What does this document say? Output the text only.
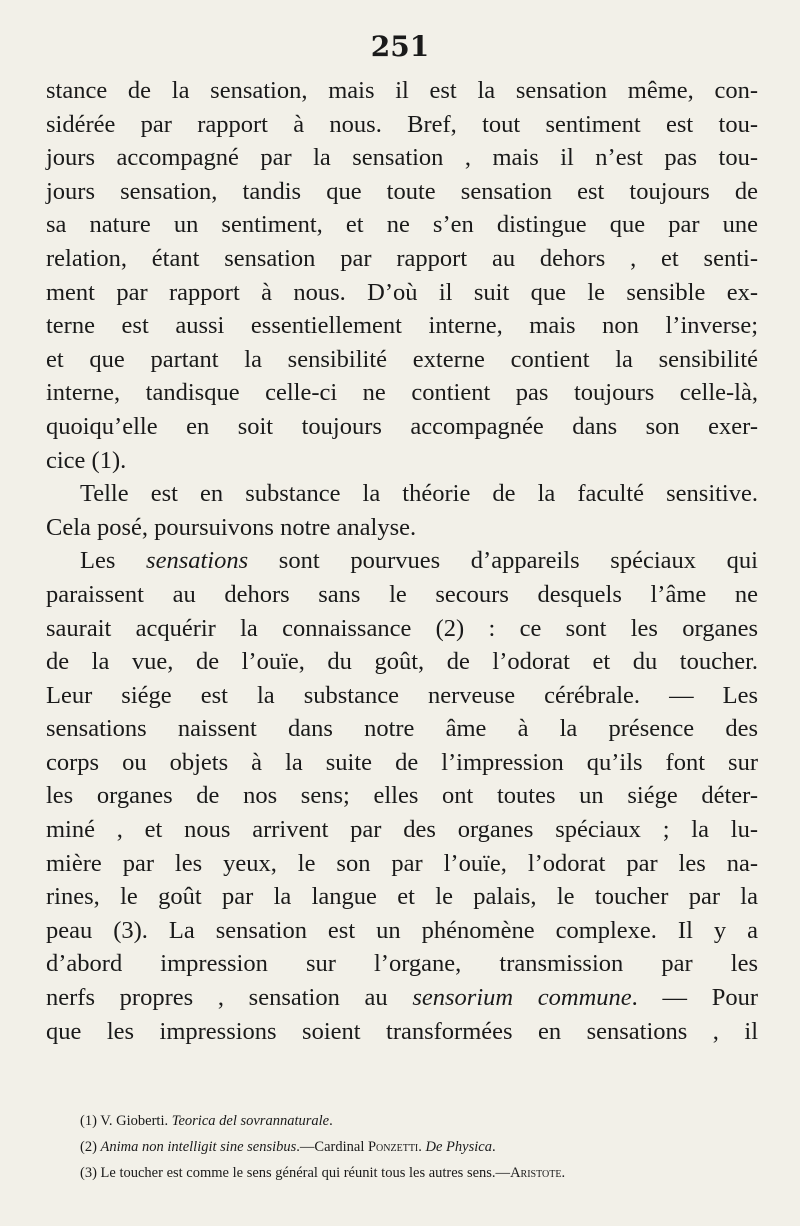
251
stance de la sensation, mais il est la sensation même, con-
sidérée par rapport à nous. Bref, tout sentiment est tou-
jours accompagné par la sensation , mais il n’est pas tou-
jours sensation, tandis que toute sensation est toujours de
sa nature un sentiment, et ne s’en distingue que par une
relation, étant sensation par rapport au dehors , et senti-
ment par rapport à nous. D’où il suit que le sensible ex-
terne est aussi essentiellement interne, mais non l’inverse;
et que partant la sensibilité externe contient la sensibilité
interne, tandisque celle-ci ne contient pas toujours celle-là,
quoiqu’elle en soit toujours accompagnée dans son exer-
cice (1).
Telle est en substance la théorie de la faculté sensitive.
Cela posé, poursuivons notre analyse.
Les sensations sont pourvues d’appareils spéciaux qui
paraissent au dehors sans le secours desquels l’âme ne
saurait acquérir la connaissance (2) : ce sont les organes
de la vue, de l’ouïe, du goût, de l’odorat et du toucher.
Leur siége est la substance nerveuse cérébrale. — Les
sensations naissent dans notre âme à la présence des
corps ou objets à la suite de l’impression qu’ils font sur
les organes de nos sens; elles ont toutes un siége déter-
miné , et nous arrivent par des organes spéciaux ; la lu-
mière par les yeux, le son par l’ouïe, l’odorat par les na-
rines, le goût par la langue et le palais, le toucher par la
peau (3). La sensation est un phénomène complexe. Il y a
d’abord impression sur l’organe, transmission par les
nerfs propres , sensation au sensorium commune. — Pour
que les impressions soient transformées en sensations , il
(1) V. Gioberti. Teorica del sovrannaturale.
(2) Anima non intelligit sine sensibus.—Cardinal Ponzetti. De Physica.
(3) Le toucher est comme le sens général qui réunit tous les autres sens.—Aristote.
